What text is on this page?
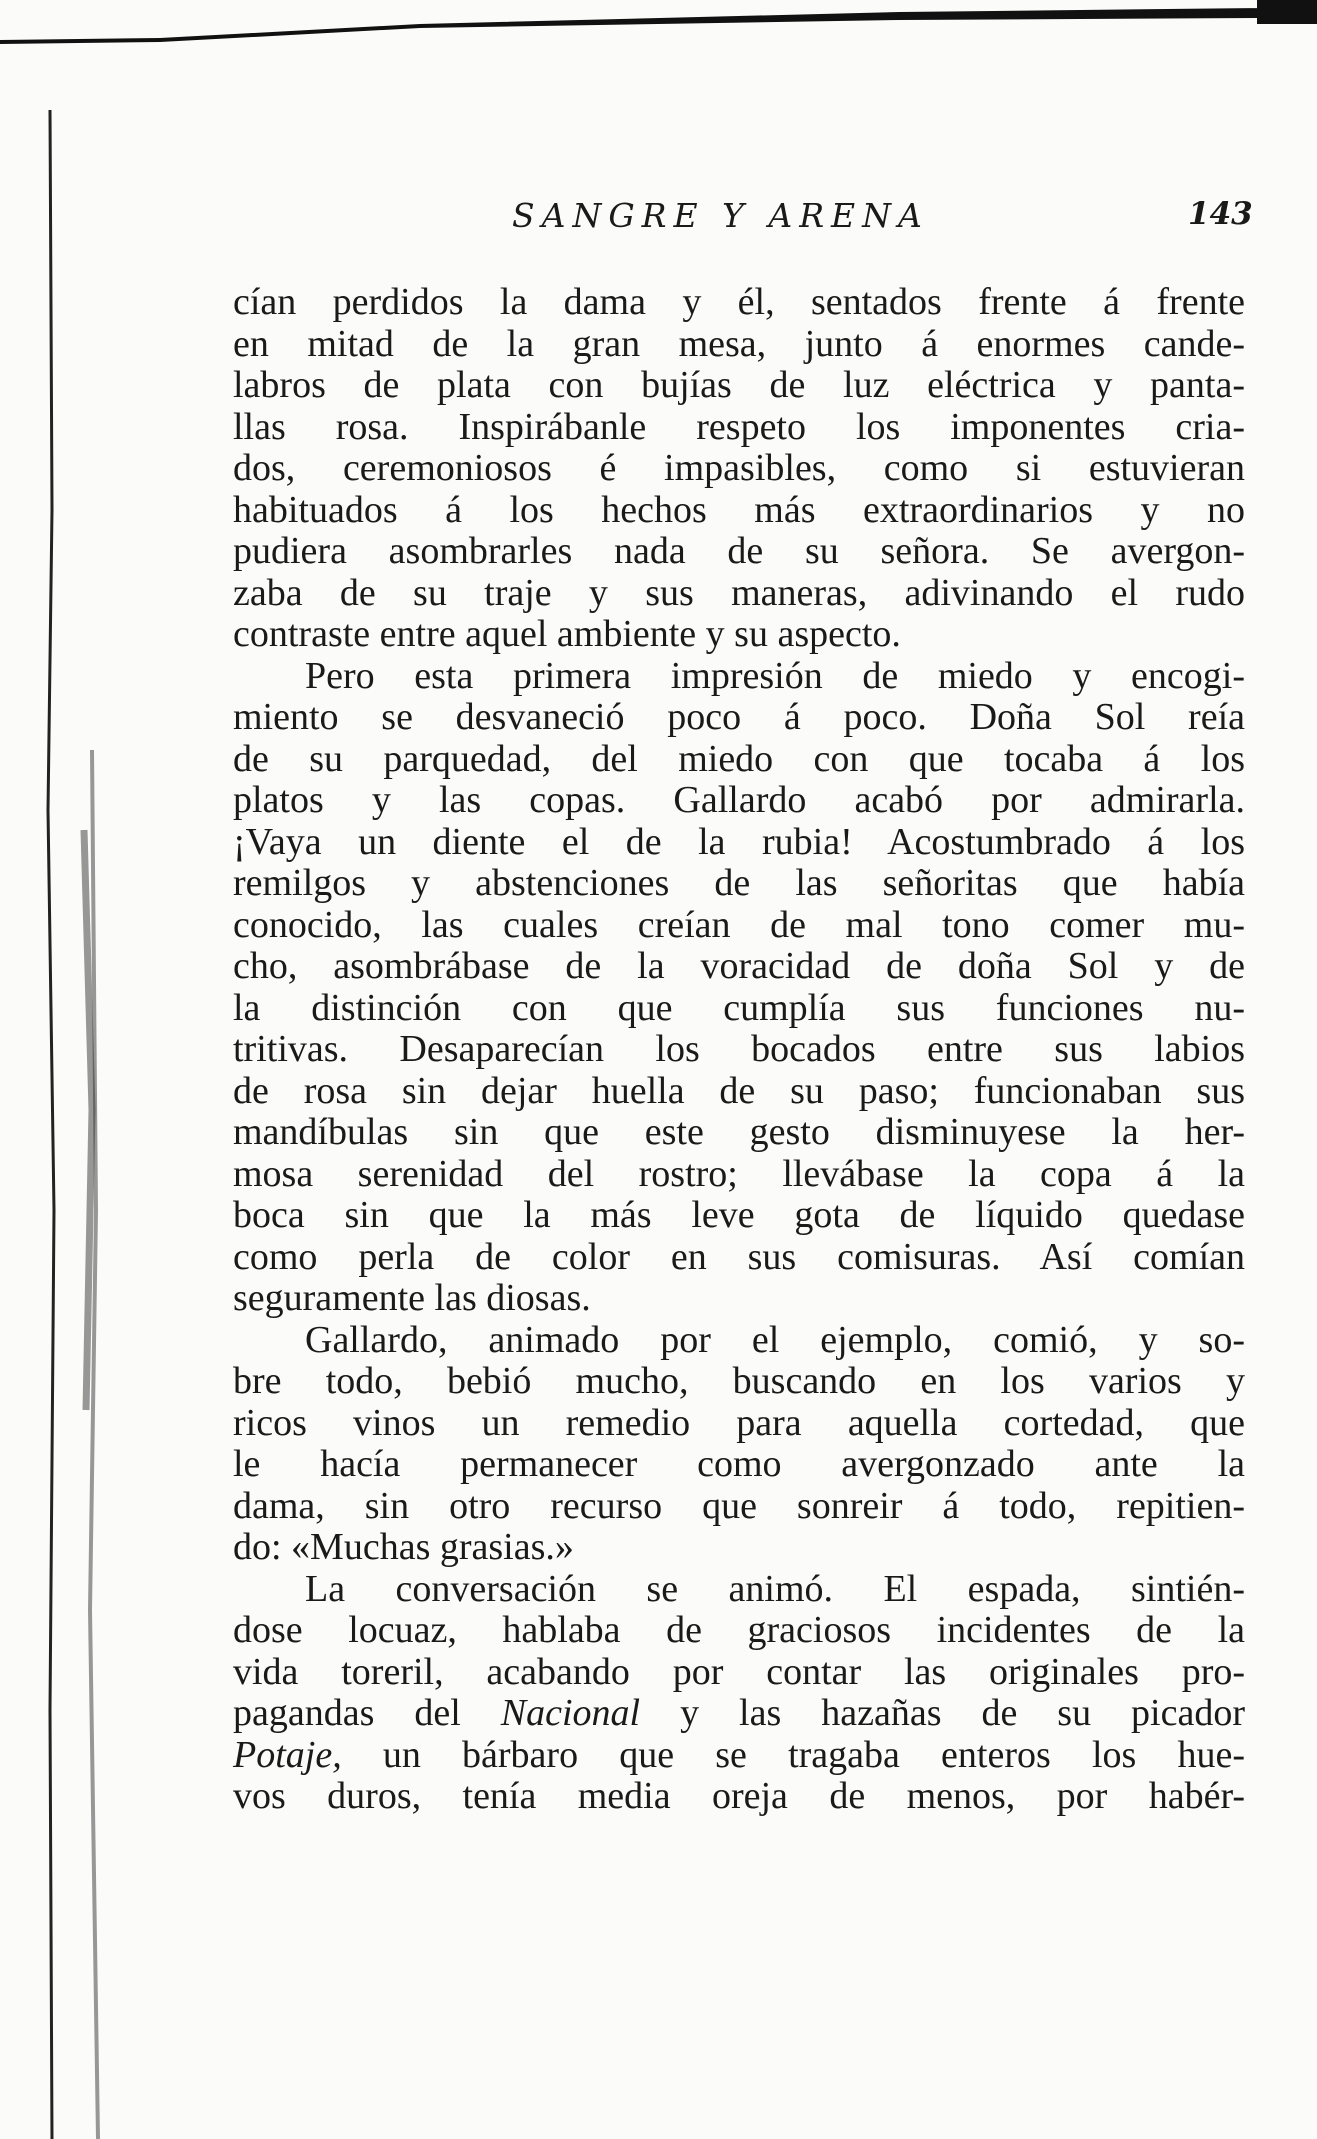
SANGRE Y ARENA	143
cían perdidos la dama y él, sentados frente á frente
en mitad de la gran mesa, junto á enormes cande-
labros de plata con bujías de luz eléctrica y panta-
llas rosa. Inspirábanle respeto los imponentes cria-
dos, ceremoniosos é impasibles, como si estuvieran
habituados á los hechos más extraordinarios y no
pudiera asombrarles nada de su señora. Se avergon-
zaba de su traje y sus maneras, adivinando el rudo
contraste entre aquel ambiente y su aspecto.
Pero esta primera impresión de miedo y encogi-
miento se desvaneció poco á poco. Doña Sol reía
de su parquedad, del miedo con que tocaba á los
platos y las copas. Gallardo acabó por admirarla.
¡Vaya un diente el de la rubia! Acostumbrado á los
remilgos y abstenciones de las señoritas que había
conocido, las cuales creían de mal tono comer mu-
cho, asombrábase de la voracidad de doña Sol y de
la distinción con que cumplía sus funciones nu-
tritivas. Desaparecían los bocados entre sus labios
de rosa sin dejar huella de su paso; funcionaban sus
mandíbulas sin que este gesto disminuyese la her-
mosa serenidad del rostro; llevábase la copa á la
boca sin que la más leve gota de líquido quedase
como perla de color en sus comisuras. Así comían
seguramente las diosas.
Gallardo, animado por el ejemplo, comió, y so-
bre todo, bebió mucho, buscando en los varios y
ricos vinos un remedio para aquella cortedad, que
le hacía permanecer como avergonzado ante la
dama, sin otro recurso que sonreir á todo, repitien-
do: «Muchas grasias.»
La conversación se animó. El espada, sintién-
dose locuaz, hablaba de graciosos incidentes de la
vida toreril, acabando por contar las originales pro-
pagandas del Nacional y las hazañas de su picador
Potaje, un bárbaro que se tragaba enteros los hue-
vos duros, tenía media oreja de menos, por habér-
